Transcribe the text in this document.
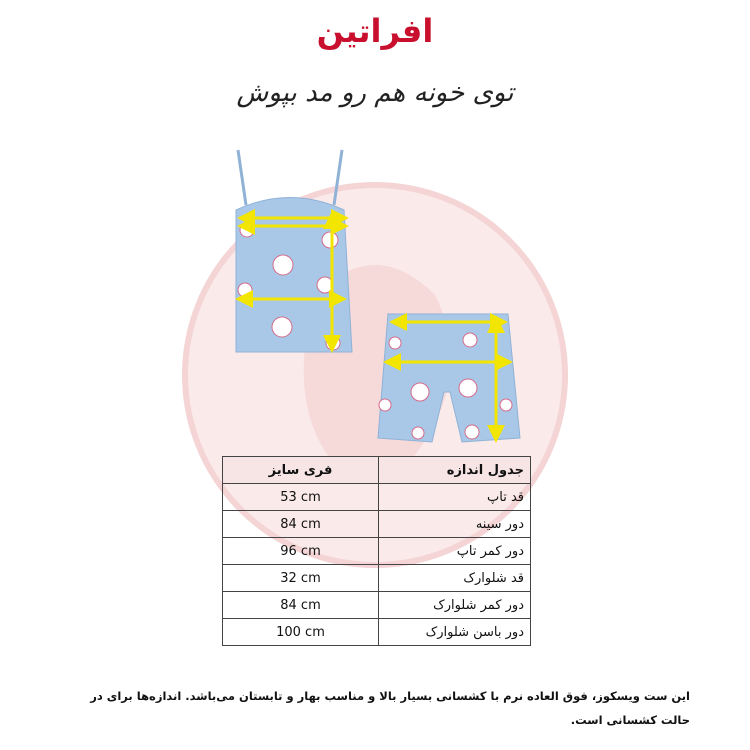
افراتین
توی خونه هم رو مد بپوش
فری سایز	جدول اندازه
53 cm	قد تاپ
84 cm	دور سینه
96 cm	دور کمر تاپ
32 cm	قد شلوارک
84 cm	دور کمر شلوارک
100 cm	دور باسن شلوارک
این ست ویسکوز، فوق العاده نرم با کشسانی بسیار بالا و مناسب بهار و تابستان می‌باشد. اندازه‌ها برای در حالت کشسانی است.
